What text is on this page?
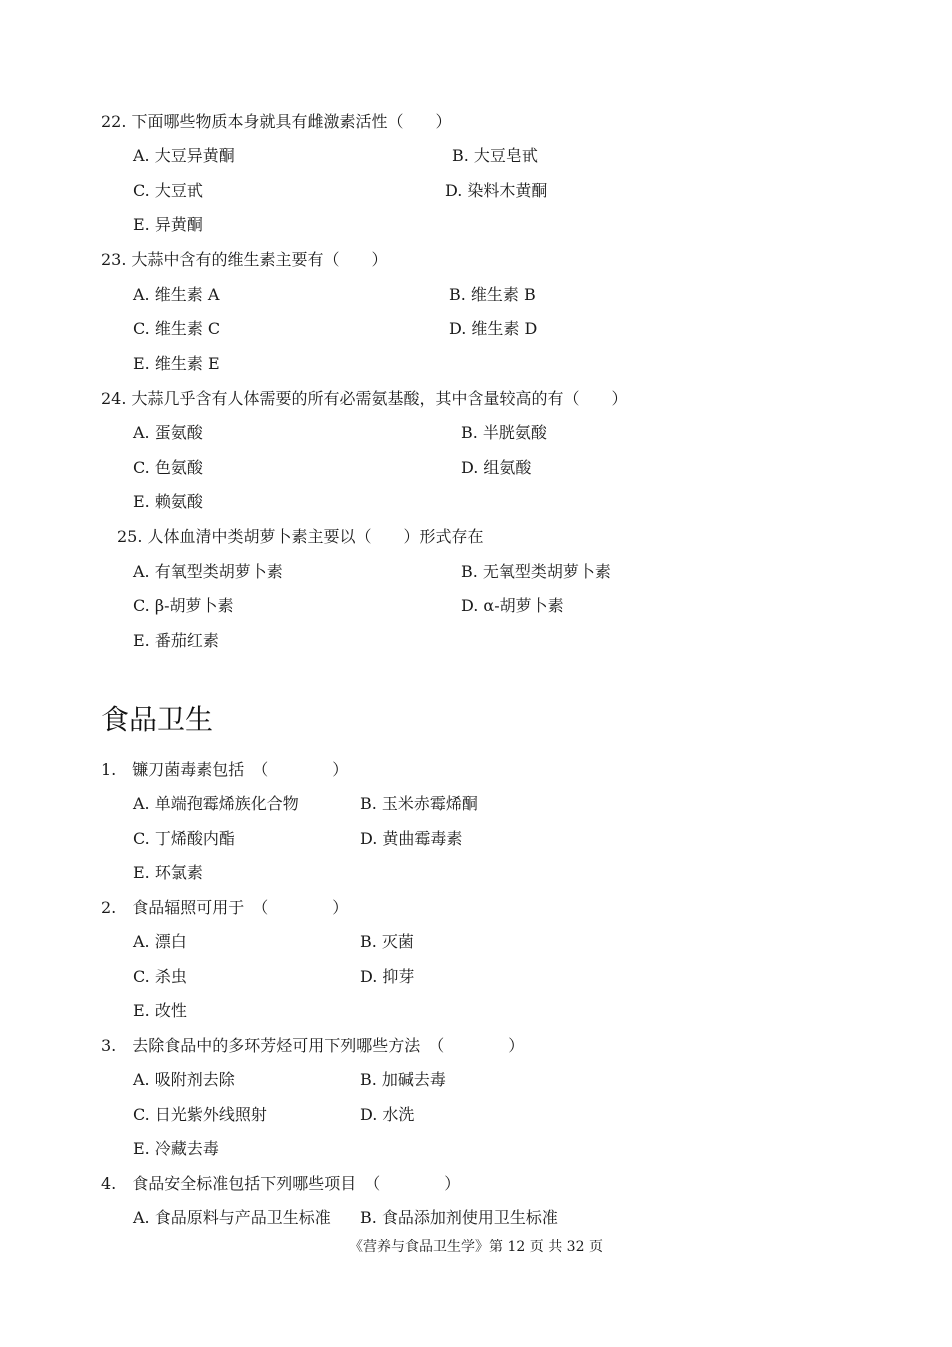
22. 下面哪些物质本身就具有雌激素活性（　　）
A. 大豆异黄酮	B. 大豆皂甙
C. 大豆甙	D. 染料木黄酮
E. 异黄酮
23. 大蒜中含有的维生素主要有（　　）
A. 维生素 A	B. 维生素 B
C. 维生素 C	D. 维生素 D
E. 维生素 E
24. 大蒜几乎含有人体需要的所有必需氨基酸，其中含量较高的有（　　）
A. 蛋氨酸	B. 半胱氨酸
C. 色氨酸	D. 组氨酸
E. 赖氨酸
25. 人体血清中类胡萝卜素主要以（　　）形式存在
A. 有氧型类胡萝卜素	B. 无氧型类胡萝卜素
C. β-胡萝卜素	D. α-胡萝卜素
E. 番茄红素
食品卫生
1.　镰刀菌毒素包括　（　　　　）
A. 单端孢霉烯族化合物	B. 玉米赤霉烯酮
C. 丁烯酸内酯	D. 黄曲霉毒素
E. 环氯素
2.　食品辐照可用于　（　　　　）
A. 漂白	B. 灭菌
C. 杀虫	D. 抑芽
E. 改性
3.　去除食品中的多环芳烃可用下列哪些方法　（　　　　）
A. 吸附剂去除	B. 加碱去毒
C. 日光紫外线照射	D. 水洗
E. 冷藏去毒
4.　食品安全标准包括下列哪些项目　（　　　　）
A. 食品原料与产品卫生标准 B. 食品添加剂使用卫生标准
《营养与食品卫生学》第 12 页 共 32 页
